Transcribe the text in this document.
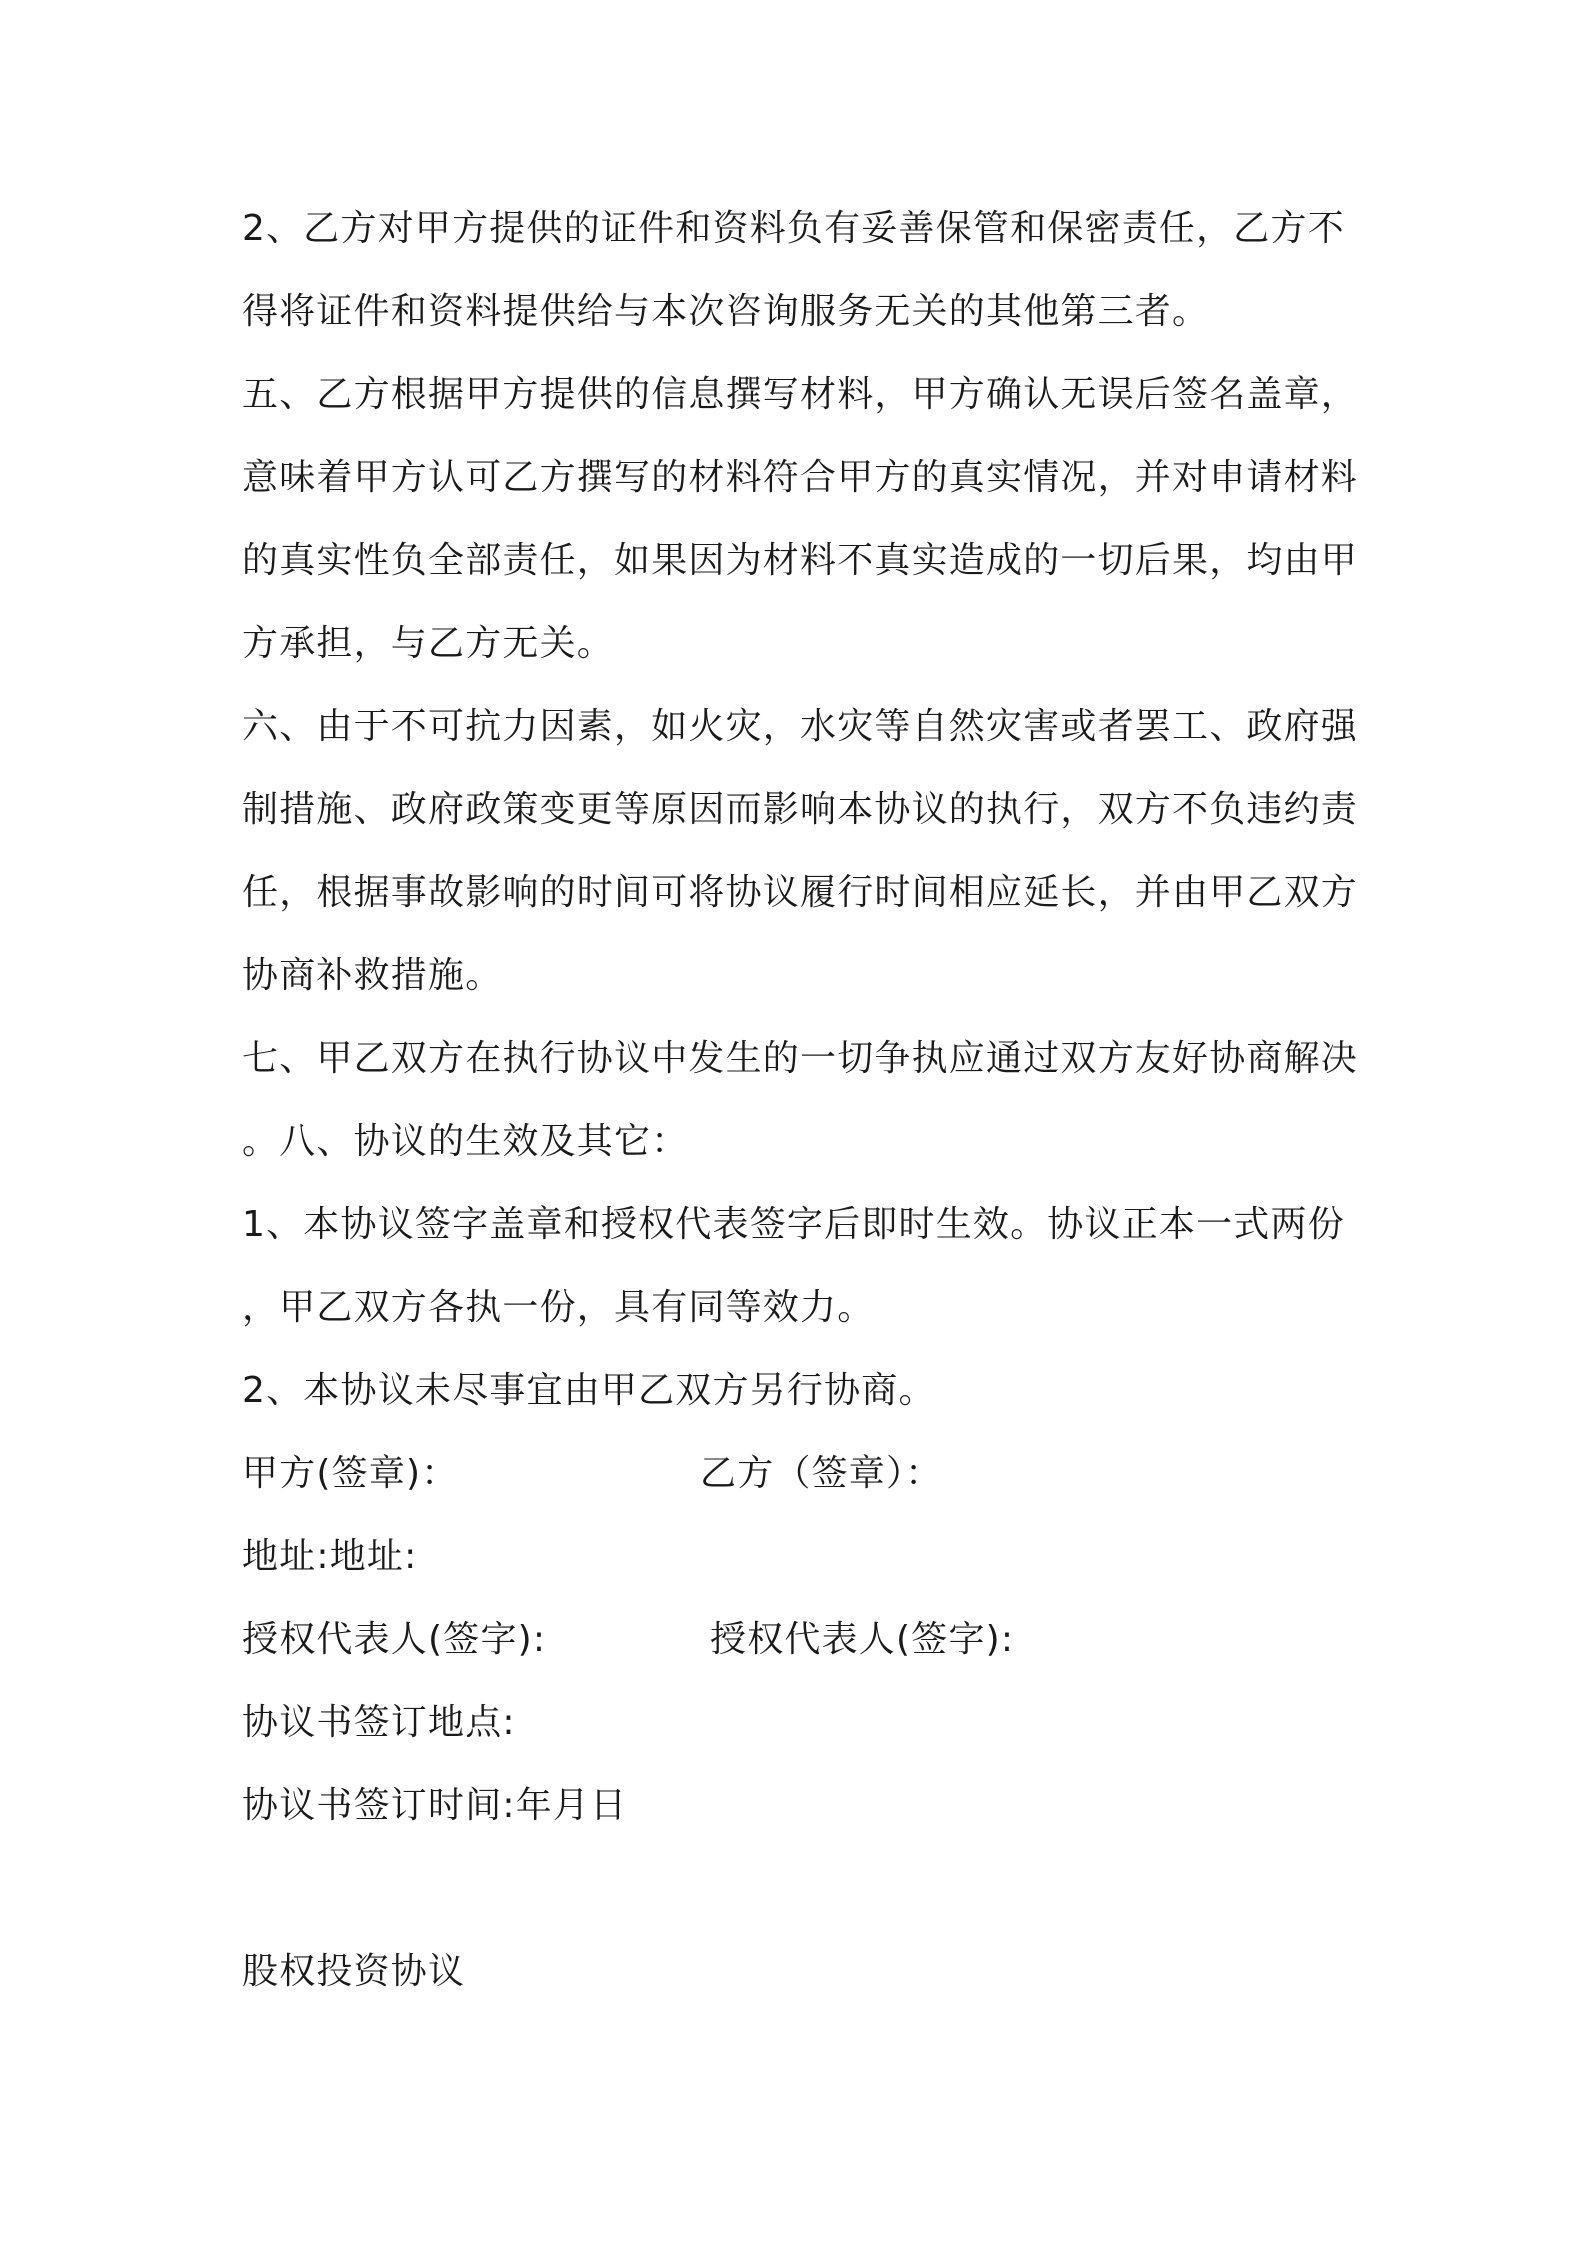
2、乙方对甲方提供的证件和资料负有妥善保管和保密责任，乙方不
得将证件和资料提供给与本次咨询服务无关的其他第三者。
五、乙方根据甲方提供的信息撰写材料，甲方确认无误后签名盖章，
意味着甲方认可乙方撰写的材料符合甲方的真实情况，并对申请材料
的真实性负全部责任，如果因为材料不真实造成的一切后果，均由甲
方承担，与乙方无关。
六、由于不可抗力因素，如火灾，水灾等自然灾害或者罢工、政府强
制措施、政府政策变更等原因而影响本协议的执行，双方不负违约责
任，根据事故影响的时间可将协议履行时间相应延长，并由甲乙双方
协商补救措施。
七、甲乙双方在执行协议中发生的一切争执应通过双方友好协商解决
。八、协议的生效及其它：
1、本协议签字盖章和授权代表签字后即时生效。协议正本一式两份
，甲乙双方各执一份，具有同等效力。
2、本协议未尽事宜由甲乙双方另行协商。
甲方(签章)：	乙方（签章）：
地址:地址:
授权代表人(签字):	授权代表人(签字):
协议书签订地点:
协议书签订时间:年月日
股权投资协议
